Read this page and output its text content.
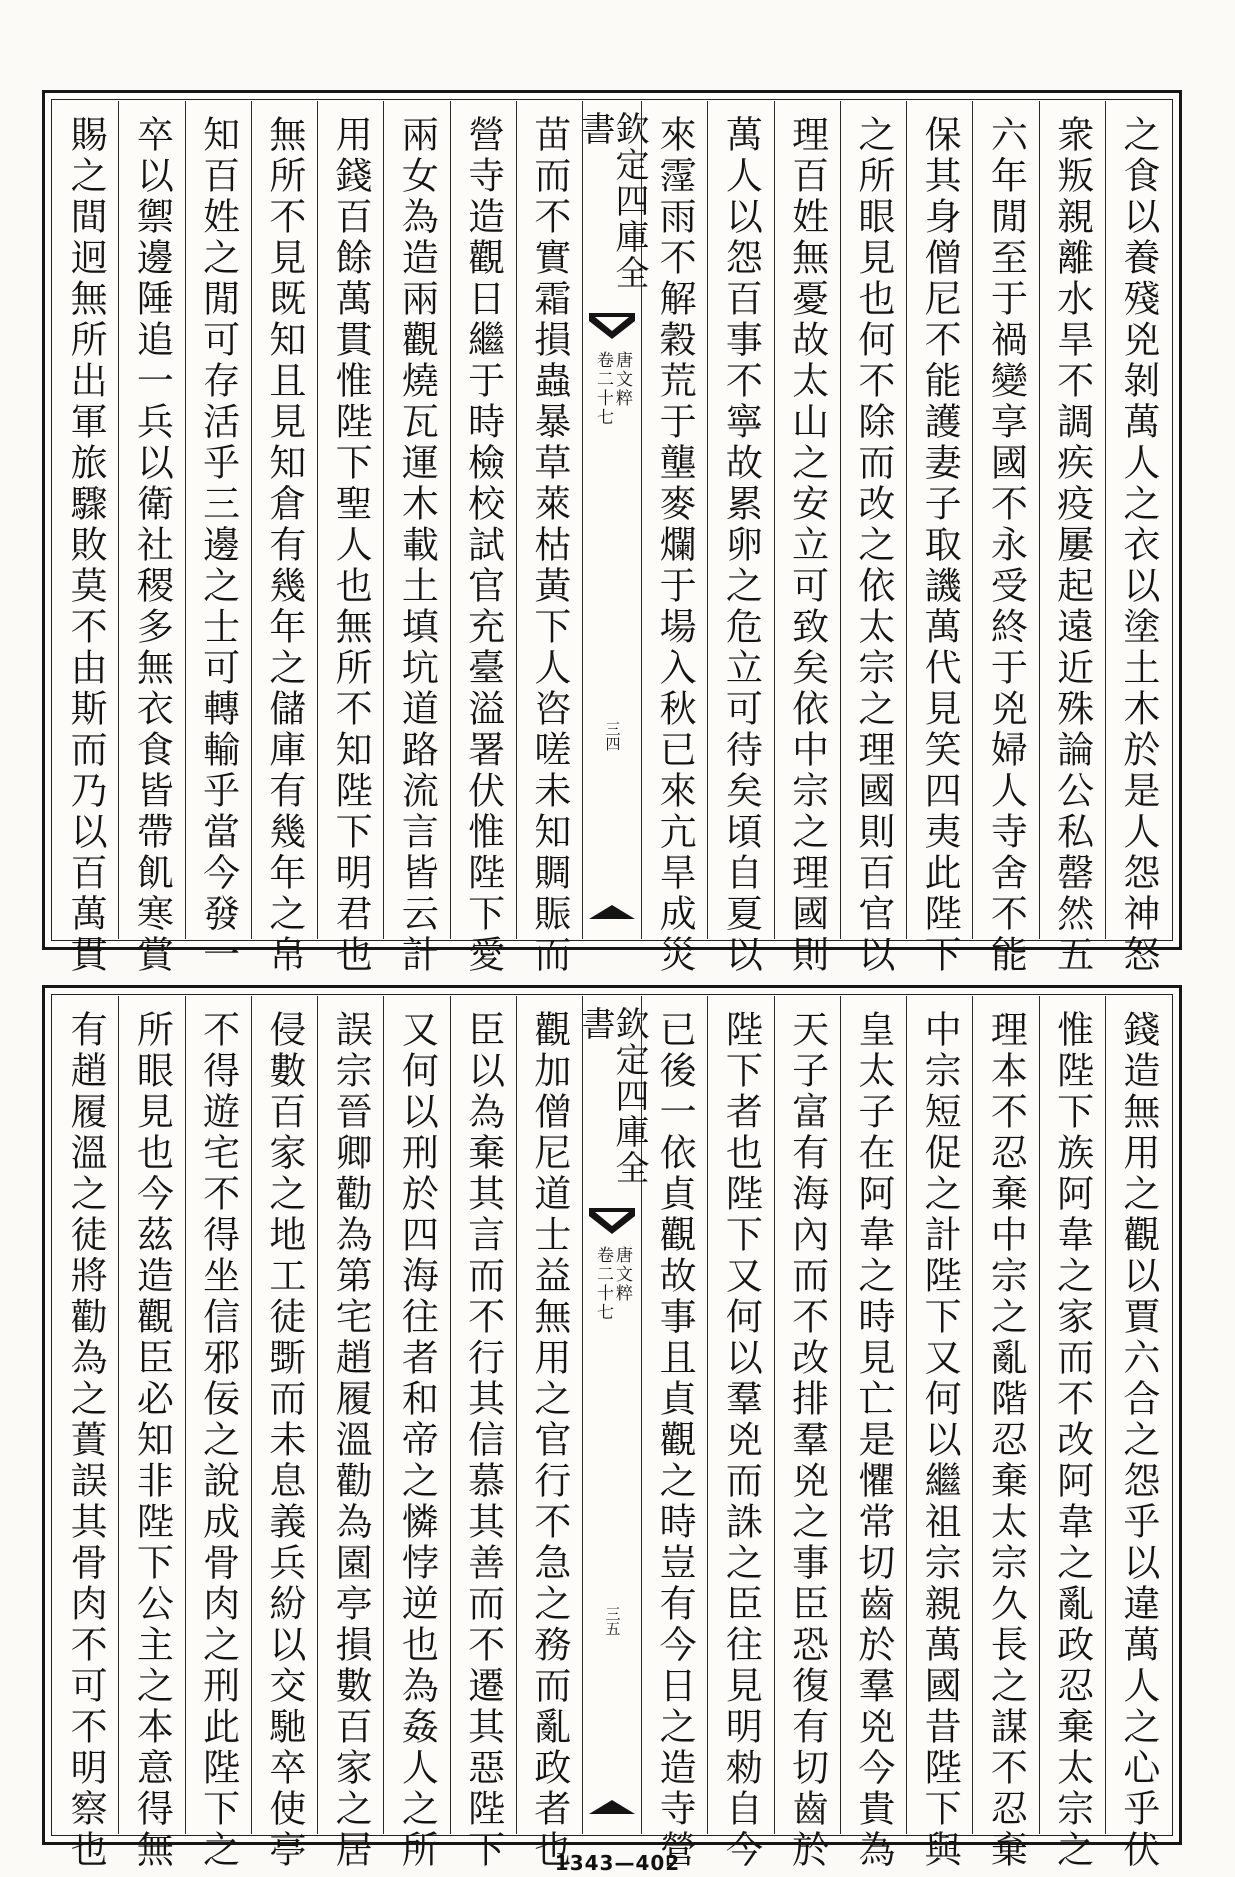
之食以養殘兇剝萬人之衣以塗土木於是人怨神怒
衆叛親離水旱不調疾疫屢起遠近殊論公私罄然五
六年閒至于禍變享國不永受終于兇婦人寺舍不能
保其身僧尼不能護妻子取譏萬代見笑四夷此陛下
之所眼見也何不除而改之依太宗之理國則百官以
理百姓無憂故太山之安立可致矣依中宗之理國則
萬人以怨百事不寧故累卵之危立可待矣頃自夏以
來霪雨不解穀荒于壟麥爛于場入秋已來亢旱成災
欽定四庫全書
唐文粹
卷二十七
三四
苗而不實霜損蟲暴草萊枯黃下人咨嗟未知賙賑而
營寺造觀日繼于時檢校試官充臺溢署伏惟陛下愛
兩女為造兩觀燒瓦運木載土填坑道路流言皆云計
用錢百餘萬貫惟陛下聖人也無所不知陛下明君也
無所不見既知且見知倉有幾年之儲庫有幾年之帛
知百姓之閒可存活乎三邊之士可轉輸乎當今發一
卒以禦邊陲追一兵以衛社稷多無衣食皆帶飢寒賞
賜之間迥無所出軍旅驟敗莫不由斯而乃以百萬貫
錢造無用之觀以賈六合之怨乎以違萬人之心乎伏
惟陛下族阿韋之家而不改阿韋之亂政忍棄太宗之
理本不忍棄中宗之亂階忍棄太宗久長之謀不忍棄
中宗短促之計陛下又何以繼祖宗親萬國昔陛下與
皇太子在阿韋之時見亡是懼常切齒於羣兇今貴為
天子富有海內而不改排羣兇之事臣恐復有切齒於
陛下者也陛下又何以羣兇而誅之臣往見明勑自今
已後一依貞觀故事且貞觀之時豈有今日之造寺營
欽定四庫全書
唐文粹
卷二十七
三五
觀加僧尼道士益無用之官行不急之務而亂政者也
臣以為棄其言而不行其信慕其善而不遷其惡陛下
又何以刑於四海往者和帝之憐悖逆也為姦人之所
誤宗晉卿勸為第宅趙履溫勸為園亭損數百家之居
侵數百家之地工徒斲而未息義兵紛以交馳卒使亭
不得遊宅不得坐信邪佞之說成骨肉之刑此陛下之
所眼見也今茲造觀臣必知非陛下公主之本意得無
有趙履溫之徒將勸為之蕢誤其骨肉不可不明察也	1343—402
